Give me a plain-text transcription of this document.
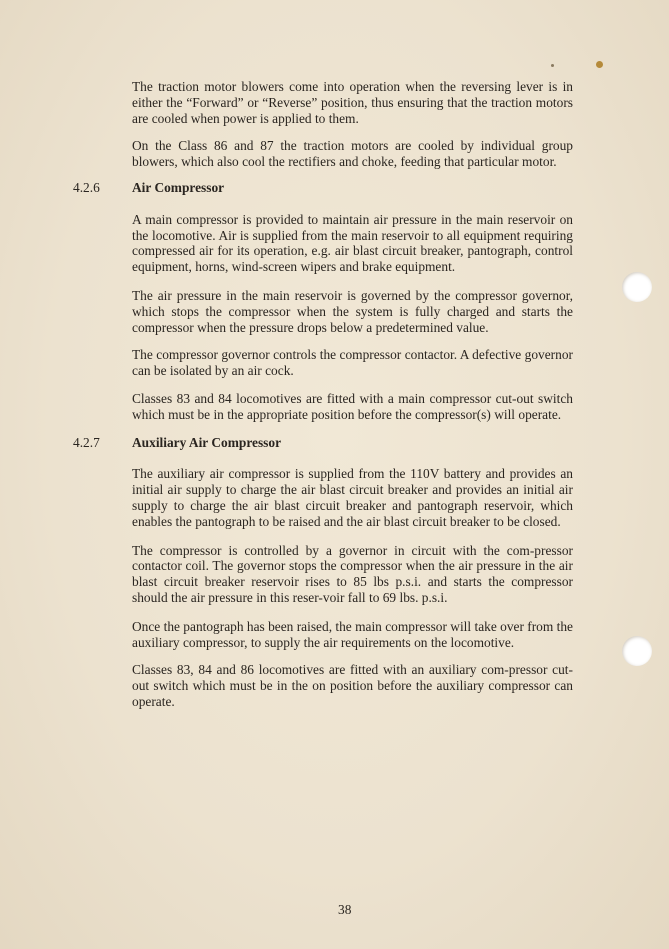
The traction motor blowers come into operation when the reversing lever is in either the “Forward” or “Reverse” position, thus ensuring that the traction motors are cooled when power is applied to them.

On the Class 86 and 87 the traction motors are cooled by individual group blowers, which also cool the rectifiers and choke, feeding that particular motor.

4.2.6 Air Compressor

A main compressor is provided to maintain air pressure in the main reservoir on the locomotive. Air is supplied from the main reservoir to all equipment requiring compressed air for its operation, e.g. air blast circuit breaker, pantograph, control equipment, horns, wind-screen wipers and brake equipment.

The air pressure in the main reservoir is governed by the compressor governor, which stops the compressor when the system is fully charged and starts the compressor when the pressure drops below a predetermined value.

The compressor governor controls the compressor contactor. A defective governor can be isolated by an air cock.

Classes 83 and 84 locomotives are fitted with a main compressor cut-out switch which must be in the appropriate position before the compressor(s) will operate.

4.2.7 Auxiliary Air Compressor

The auxiliary air compressor is supplied from the 110V battery and provides an initial air supply to charge the air blast circuit breaker and provides an initial air supply to charge the air blast circuit breaker and pantograph reservoir, which enables the pantograph to be raised and the air blast circuit breaker to be closed.

The compressor is controlled by a governor in circuit with the com-pressor contactor coil. The governor stops the compressor when the air pressure in the air blast circuit breaker reservoir rises to 85 lbs p.s.i. and starts the compressor should the air pressure in this reser-voir fall to 69 lbs. p.s.i.

Once the pantograph has been raised, the main compressor will take over from the auxiliary compressor, to supply the air requirements on the locomotive.

Classes 83, 84 and 86 locomotives are fitted with an auxiliary com-pressor cut-out switch which must be in the on position before the auxiliary compressor can operate.

38
